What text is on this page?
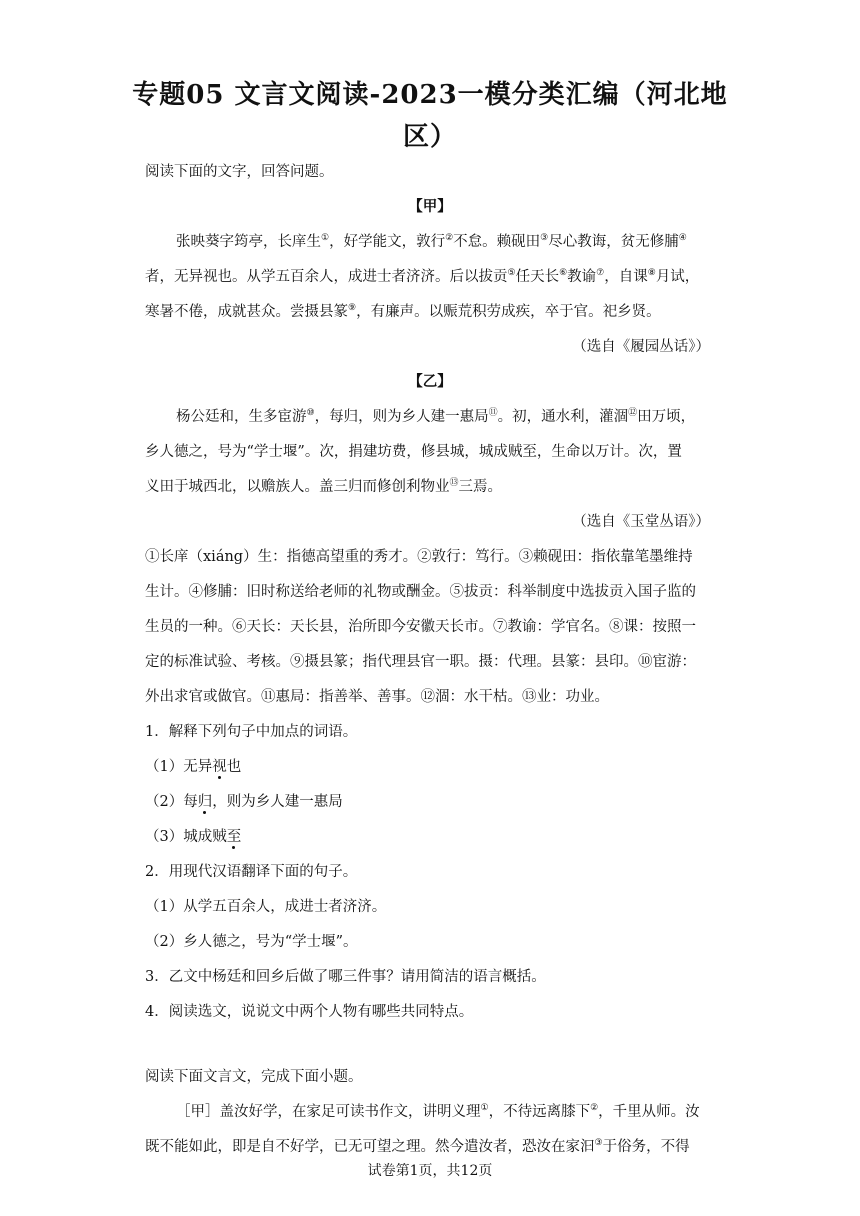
专题05 文言文阅读-2023一模分类汇编（河北地
区）
阅读下面的文字，回答问题。
【甲】
张映葵字筠亭，长庠生①，好学能文，敦行②不怠。赖砚田③尽心教诲，贫无修脯④
者，无异视也。从学五百余人，成进士者济济。后以拔贡⑤任天长⑥教谕⑦，自课⑧月试，
寒暑不倦，成就甚众。尝摄县篆⑨，有廉声。以赈荒积劳成疾，卒于官。祀乡贤。
（选自《履园丛话》）
【乙】
杨公廷和，生多宦游⑩，每归，则为乡人建一惠局⑪。初，通水利，灌涸⑫田万顷，
乡人德之，号为“学士堰”。次，捐建坊费，修县城，城成贼至，生命以万计。次，置
义田于城西北，以赡族人。盖三归而修创利物业⑬三焉。
（选自《玉堂丛语》）
①长庠（xiáng）生：指德高望重的秀才。②敦行：笃行。③赖砚田：指依靠笔墨维持
生计。④修脯：旧时称送给老师的礼物或酬金。⑤拔贡：科举制度中选拔贡入国子监的
生员的一种。⑥天长：天长县，治所即今安徽天长市。⑦教谕：学官名。⑧课：按照一
定的标准试验、考核。⑨摄县篆；指代理县官一职。摄：代理。县篆：县印。⑩宦游：
外出求官或做官。⑪惠局：指善举、善事。⑫涸：水干枯。⑬业：功业。
1．解释下列句子中加点的词语。
（1）无异视也
（2）每归，则为乡人建一惠局
（3）城成贼至
2．用现代汉语翻译下面的句子。
（1）从学五百余人，成进士者济济。
（2）乡人德之，号为“学士堰”。
3．乙文中杨廷和回乡后做了哪三件事？请用简洁的语言概括。
4．阅读选文，说说文中两个人物有哪些共同特点。
阅读下面文言文，完成下面小题。
［甲］盖汝好学，在家足可读书作文，讲明义理①，不待远离膝下②，千里从师。汝
试卷第1页，共12页
既不能如此，即是自不好学，已无可望之理。然今遣汝者，恐汝在家汩③于俗务，不得
